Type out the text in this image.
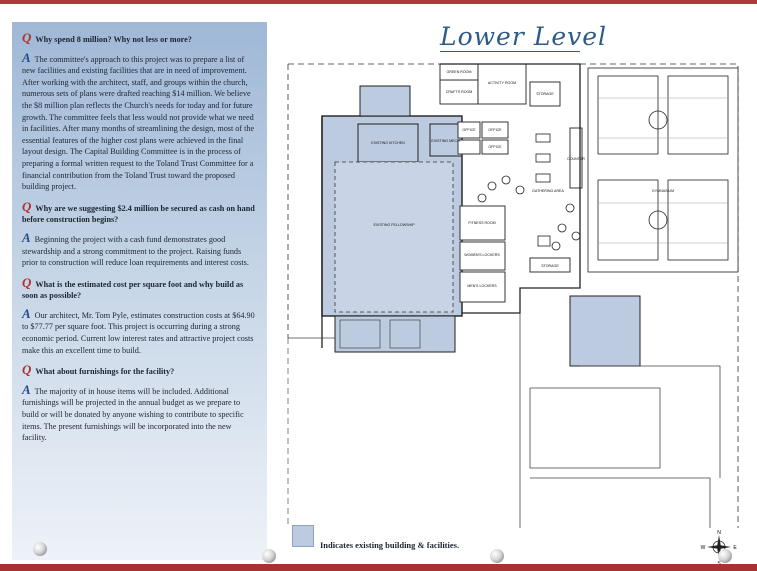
Q Why spend 8 million? Why not less or more?
A The committee's approach to this project was to prepare a list of new facilities and existing facilities that are in need of improvement. After working with the architect, staff, and groups within the church, numerous sets of plans were drafted reaching $14 million. We believe the $8 million plan reflects the Church's needs for today and for future growth. The committee feels that less would not provide what we need in facilities. After many months of streamlining the design, most of the essential features of the higher cost plans were achieved in the final layout design. The Capital Building Committee is in the process of preparing a formal written request to the Toland Trust Committee for a financial contribution from the Toland Trust toward the proposed building project.
Q Why are we suggesting $2.4 million be secured as cash on hand before construction begins?
A Beginning the project with a cash fund demonstrates good stewardship and a strong commitment to the project. Raising funds prior to construction will reduce loan requirements and interest costs.
Q What is the estimated cost per square foot and why build as soon as possible?
A Our architect, Mr. Tom Pyle, estimates construction costs at $64.90 to $77.77 per square foot. This project is occurring during a strong economic period. Current low interest rates and attractive project costs make this an excellent time to build.
Q What about furnishings for the facility?
A The majority of in house items will be included. Additional furnishings will be projected in the annual budget as we prepare to build or will be donated by anyone wishing to contribute to specific items. The present furnishings will be incorporated into the new facility.
Lower Level
EXISTING FELLOWSHIP
EXISTING KITCHEN	EXISTING MECH.
CRAFTS ROOM
GREEN ROOM
ACTIVITY ROOM
STORAGE
OFFICE	OFFICE
OFFICE
GATHERING AREA
FITNESS ROOM
WOMEN'S LOCKERS
MEN'S LOCKERS
COUNTER
STORAGE
GYMNASIUM
Indicates existing building & facilities.
N
W	E
